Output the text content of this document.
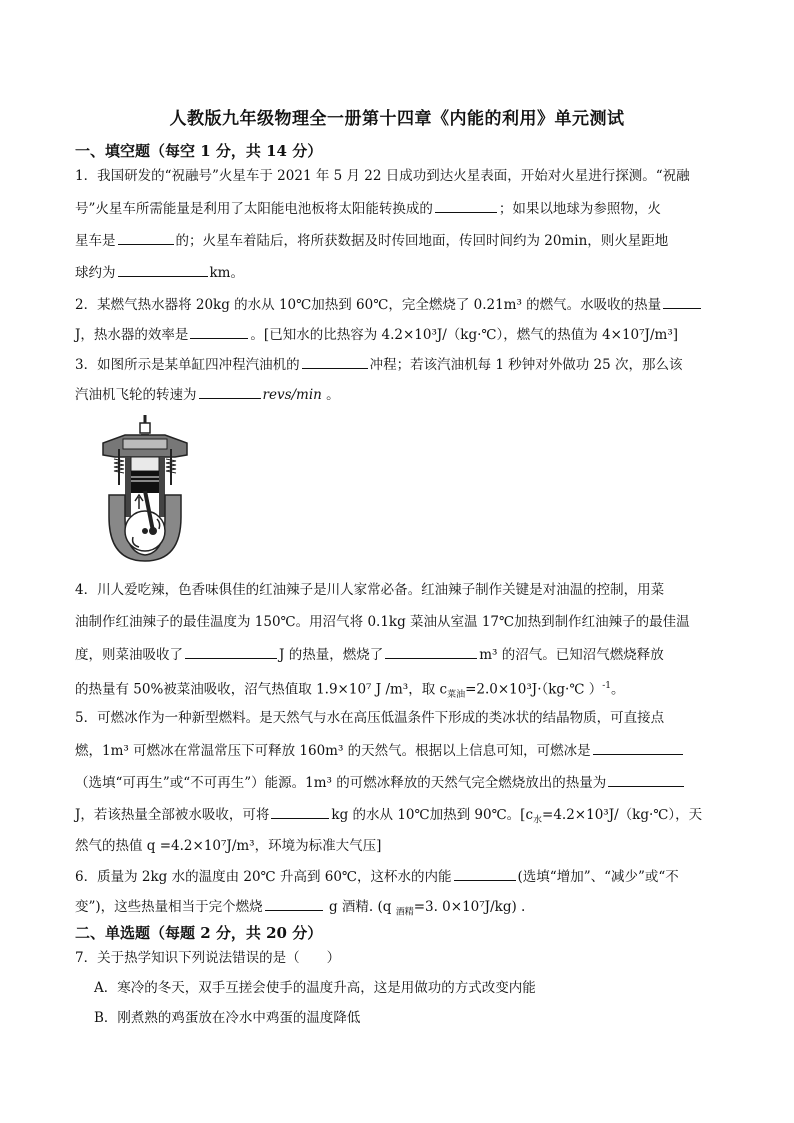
人教版九年级物理全一册第十四章《内能的利用》单元测试
一、填空题（每空 1 分，共 14 分）
1．我国研发的“祝融号”火星车于 2021 年 5 月 22 日成功到达火星表面，开始对火星进行探测。“祝融
号”火星车所需能量是利用了太阳能电池板将太阳能转换成的	；如果以地球为参照物，火
星车是	的；火星车着陆后，将所获数据及时传回地面，传回时间约为 20min，则火星距地
球约为	km。
2．某燃气热水器将 20kg 的水从 10℃加热到 60℃，完全燃烧了 0.21m³ 的燃气。水吸收的热量
J，热水器的效率是	。[已知水的比热容为 4.2×10³J/（kg·℃），燃气的热值为 4×10⁷J/m³]
3．如图所示是某单缸四冲程汽油机的	冲程；若该汽油机每 1 秒钟对外做功 25 次，那么该
汽油机飞轮的转速为	revs/min 。
4．川人爱吃辣，色香味俱佳的红油辣子是川人家常必备。红油辣子制作关键是对油温的控制，用菜
油制作红油辣子的最佳温度为 150℃。用沼气将 0.1kg 菜油从室温 17℃加热到制作红油辣子的最佳温
度，则菜油吸收了	J 的热量，燃烧了	m³ 的沼气。已知沼气燃烧释放
的热量有 50%被菜油吸收，沼气热值取 1.9×10⁷ J /m³，取 $c_{菜油}=2.0\times 10^3J\cdot(kg\cdot℃$ ）$^{-1}$。
5．可燃冰作为一种新型燃料。是天然气与水在高压低温条件下形成的类冰状的结晶物质，可直接点
燃，1m³ 可燃冰在常温常压下可释放 160m³ 的天然气。根据以上信息可知，可燃冰是
（选填“可再生”或“不可再生”）能源。1m³ 的可燃冰释放的天然气完全燃烧放出的热量为
J，若该热量全部被水吸收，可将	kg 的水从 10℃加热到 90℃。[$c_水=4.2\times 10^3J/(kg\cdot℃)$，天
然气的热值 q =4.2×10⁷J/m³，环境为标准大气压]
6．质量为 2kg 水的温度由 20℃ 升高到 60℃，这杯水的内能	(选填“增加”、“减少”或“不
变”)，这些热量相当于完个燃烧	g 酒精. (q $_{酒精}$=3. 0×10⁷J/kg) .
二、单选题（每题 2 分，共 20 分）
7．关于热学知识下列说法错误的是（　　）
A．寒冷的冬天，双手互搓会使手的温度升高，这是用做功的方式改变内能
B．刚煮熟的鸡蛋放在冷水中鸡蛋的温度降低
